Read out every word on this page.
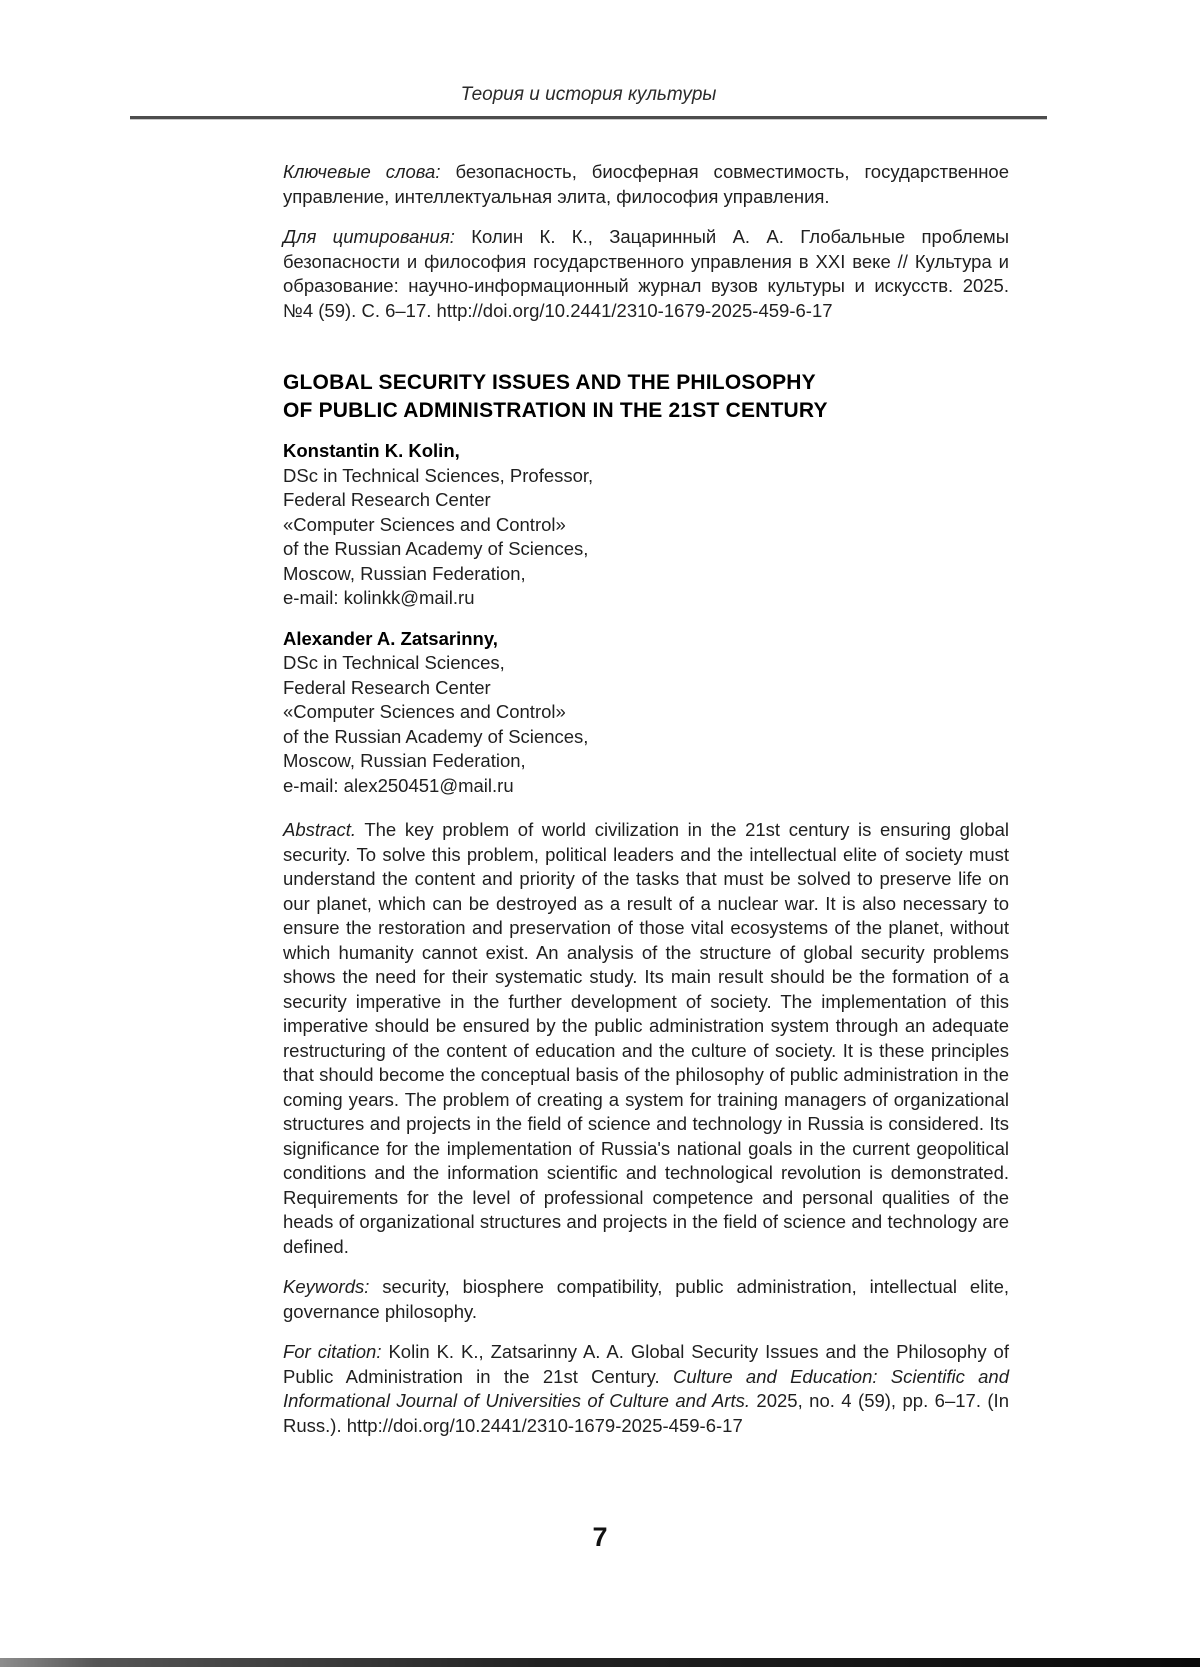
Теория и история культуры

Ключевые слова: безопасность, биосферная совместимость, государственное управление, интеллектуальная элита, философия управления.

Для цитирования: Колин К. К., Зацаринный А. А. Глобальные проблемы безопасности и философия государственного управления в XXI веке // Культура и образование: научно-информационный журнал вузов культуры и искусств. 2025. №4 (59). С. 6–17. http://doi.org/10.2441/2310-1679-2025-459-6-17

GLOBAL SECURITY ISSUES AND THE PHILOSOPHY
OF PUBLIC ADMINISTRATION IN THE 21ST CENTURY
Konstantin K. Kolin,
DSc in Technical Sciences, Professor,
Federal Research Center
«Computer Sciences and Control»
of the Russian Academy of Sciences,
Moscow, Russian Federation,
e-mail: kolinkk@mail.ru
Alexander A. Zatsarinny,
DSc in Technical Sciences,
Federal Research Center
«Computer Sciences and Control»
of the Russian Academy of Sciences,
Moscow, Russian Federation,
e-mail: alex250451@mail.ru

Abstract. The key problem of world civilization in the 21st century is ensuring global security. To solve this problem, political leaders and the intellectual elite of society must understand the content and priority of the tasks that must be solved to preserve life on our planet, which can be destroyed as a result of a nuclear war. It is also necessary to ensure the restoration and preservation of those vital ecosystems of the planet, without which humanity cannot exist. An analysis of the structure of global security problems shows the need for their systematic study. Its main result should be the formation of a security imperative in the further development of society. The implementation of this imperative should be ensured by the public administration system through an adequate restructuring of the content of education and the culture of society. It is these principles that should become the conceptual basis of the philosophy of public administration in the coming years. The problem of creating a system for training managers of organizational structures and projects in the field of science and technology in Russia is considered. Its significance for the implementation of Russia's national goals in the current geopolitical conditions and the information scientific and technological revolution is demonstrated. Requirements for the level of professional competence and personal qualities of the heads of organizational structures and projects in the field of science and technology are defined.

Keywords: security, biosphere compatibility, public administration, intellectual elite, governance philosophy.

For citation: Kolin K. K., Zatsarinny A. A. Global Security Issues and the Philosophy of Public Administration in the 21st Century. Culture and Education: Scientific and Informational Journal of Universities of Culture and Arts. 2025, no. 4 (59), pp. 6–17. (In Russ.). http://doi.org/10.2441/2310-1679-2025-459-6-17

7
